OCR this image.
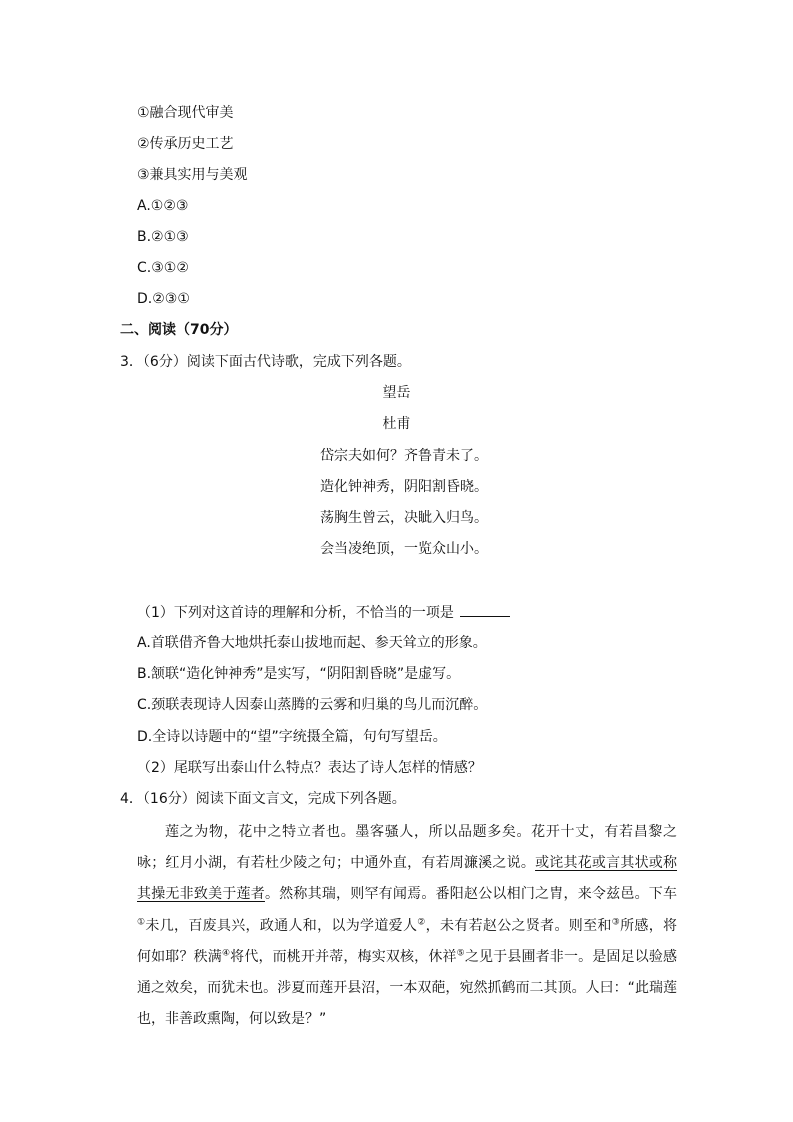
①融合现代审美
②传承历史工艺
③兼具实用与美观
A.①②③
B.②①③
C.③①②
D.②③①
二、阅读（70分）
3．（6分）阅读下面古代诗歌，完成下列各题。
望岳
杜甫
岱宗夫如何？齐鲁青未了。
造化钟神秀，阴阳割昏晓。
荡胸生曾云，决眦入归鸟。
会当凌绝顶，一览众山小。
（1）下列对这首诗的理解和分析，不恰当的一项是
A.首联借齐鲁大地烘托泰山拔地而起、参天耸立的形象。
B.颔联“造化钟神秀”是实写，“阴阳割昏晓”是虚写。
C.颈联表现诗人因泰山蒸腾的云雾和归巢的鸟儿而沉醉。
D.全诗以诗题中的“望”字统摄全篇，句句写望岳。
（2）尾联写出泰山什么特点？表达了诗人怎样的情感？
4．（16分）阅读下面文言文，完成下列各题。
莲之为物，花中之特立者也。墨客骚人，所以品题多矣。花开十丈，有若昌黎之咏；红月小湖，有若杜少陵之句；中通外直，有若周濂溪之说。或诧其花或言其状或称其操无非致美于莲者。然称其瑞，则罕有闻焉。番阳赵公以相门之胄，来令兹邑。下车①未几，百废具兴，政通人和，以为学道爱人②，未有若赵公之贤者。则至和③所感，将何如耶？秩满④将代，而桃开并蒂，梅实双核，休祥⑤之见于县圃者非一。是固足以验感通之效矣，而犹未也。涉夏而莲开县沼，一本双葩，宛然抓鹤而二其顶。人曰：“此瑞莲也，非善政熏陶，何以致是？”
